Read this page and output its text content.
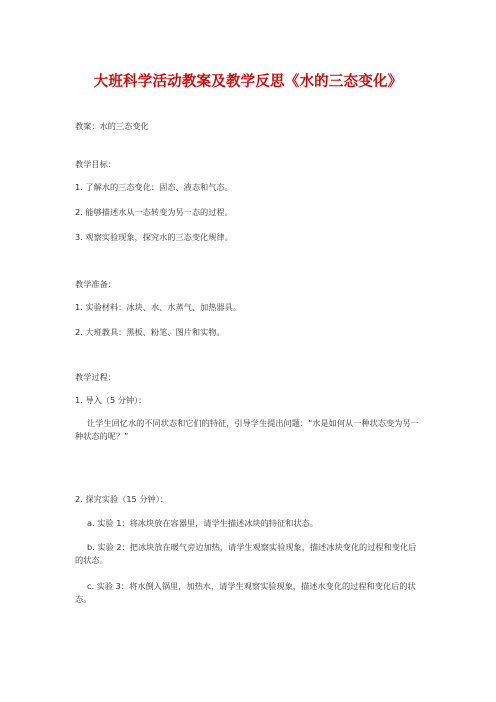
大班科学活动教案及教学反思《水的三态变化》
教案：水的三态变化
教学目标：
1. 了解水的三态变化：固态、液态和气态。
2. 能够描述水从一态转变为另一态的过程。
3. 观察实验现象，探究水的三态变化规律。
教学准备：
1. 实验材料：冰块、水、水蒸气、加热器具。
2. 大班教具：黑板、粉笔、图片和实物。
教学过程：
1. 导入（5 分钟）：
让学生回忆水的不同状态和它们的特征，引导学生提出问题：“水是如何从一种状态变为另一种状态的呢？”
2. 探究实验（15 分钟）：
a. 实验 1：将冰块放在容器里，请学生描述冰块的特征和状态。
b. 实验 2：把冰块放在暖气旁边加热，请学生观察实验现象，描述冰块变化的过程和变化后的状态。
c. 实验 3：将水倒入锅里，加热水，请学生观察实验现象，描述水变化的过程和变化后的状态。
